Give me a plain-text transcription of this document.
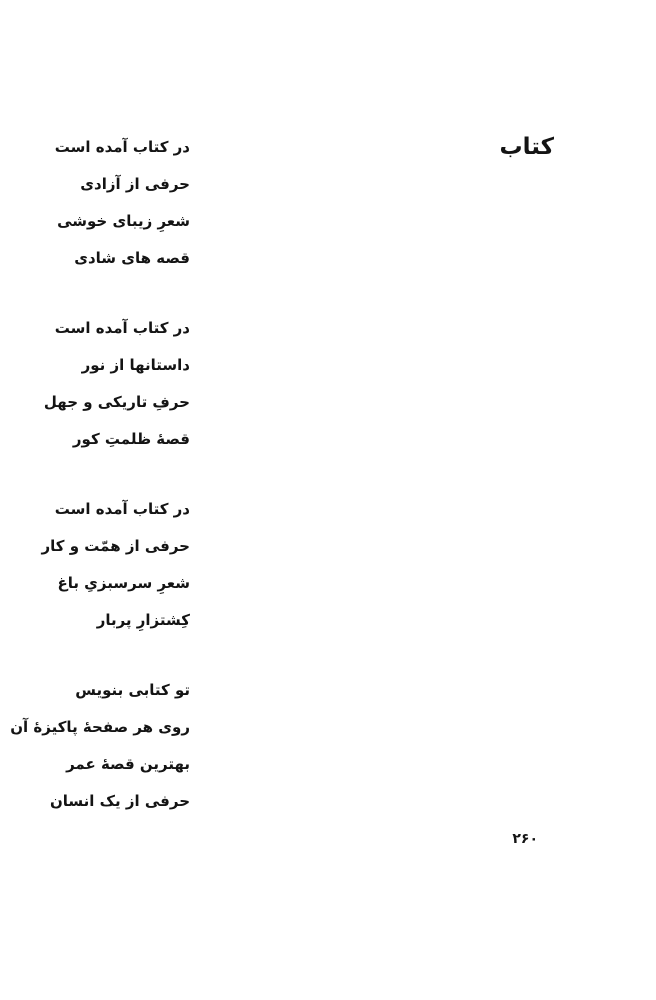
کتاب
در کتاب آمده است
حرفی از آزادی
شعرِ زیبای خوشی
قصه های شادی
در کتاب آمده است
داستانها از نور
حرفِ تاریکی و جهل
قصهٔ ظلمتِ کور
در کتاب آمده است
حرفی از همّت و کار
شعرِ سرسبزیِ باغ
کِشتزارِ پربار
تو کتابی بنویس
روی هر صفحهٔ پاکیزهٔ آن
بهترین قصهٔ عمر
حرفی از یک انسان
۲۶۰
